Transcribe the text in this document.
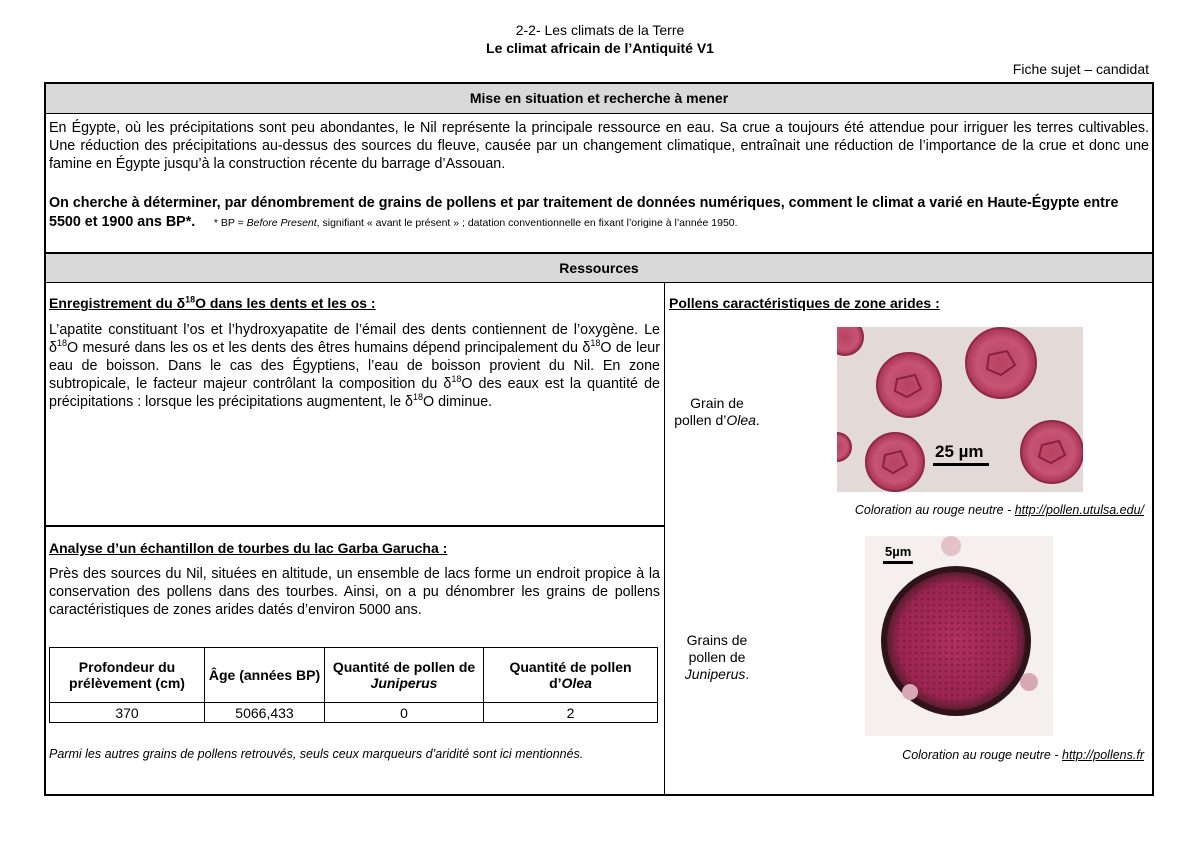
2-2- Les climats de la Terre
Le climat africain de l’Antiquité V1
Fiche sujet – candidat
Mise en situation et recherche à mener
En Égypte, où les précipitations sont peu abondantes, le Nil représente la principale ressource en eau. Sa crue a toujours été attendue pour irriguer les terres cultivables. Une réduction des précipitations au-dessus des sources du fleuve, causée par un changement climatique, entraînait une réduction de l’importance de la crue et donc une famine en Égypte jusqu’à la construction récente du barrage d’Assouan.
On cherche à déterminer, par dénombrement de grains de pollens et par traitement de données numériques, comment le climat a varié en Haute-Égypte entre 5500 et 1900 ans BP*. * BP = Before Present, signifiant « avant le présent » ; datation conventionnelle en fixant l’origine à l’année 1950.
Ressources
Enregistrement du $\delta^{18}O$ dans les dents et les os :
L’apatite constituant l’os et l’hydroxyapatite de l’émail des dents contiennent de l’oxygène. Le $\delta^{18}O$ mesuré dans les os et les dents des êtres humains dépend principalement du $\delta^{18}O$ de leur eau de boisson. Dans le cas des Égyptiens, l’eau de boisson provient du Nil. En zone subtropicale, le facteur majeur contrôlant la composition du $\delta^{18}O$ des eaux est la quantité de précipitations : lorsque les précipitations augmentent, le $\delta^{18}O$ diminue.
Analyse d’un échantillon de tourbes du lac Garba Garucha :
Près des sources du Nil, situées en altitude, un ensemble de lacs forme un endroit propice à la conservation des pollens dans des tourbes. Ainsi, on a pu dénombrer les grains de pollens caractéristiques de zones arides datés d’environ 5000 ans.
Profondeur du prélèvement (cm)	Âge (années BP)	Quantité de pollen de Juniperus	Quantité de pollen d’Olea
370	5066,433	0	2
Parmi les autres grains de pollens retrouvés, seuls ceux marqueurs d’aridité sont ici mentionnés.
Pollens caractéristiques de zone arides :
Grain de pollen d’Olea.
25 µm
Coloration au rouge neutre - http://pollen.utulsa.edu/
Grains de pollen de Juniperus.
5µm
Coloration au rouge neutre - http://pollens.fr
